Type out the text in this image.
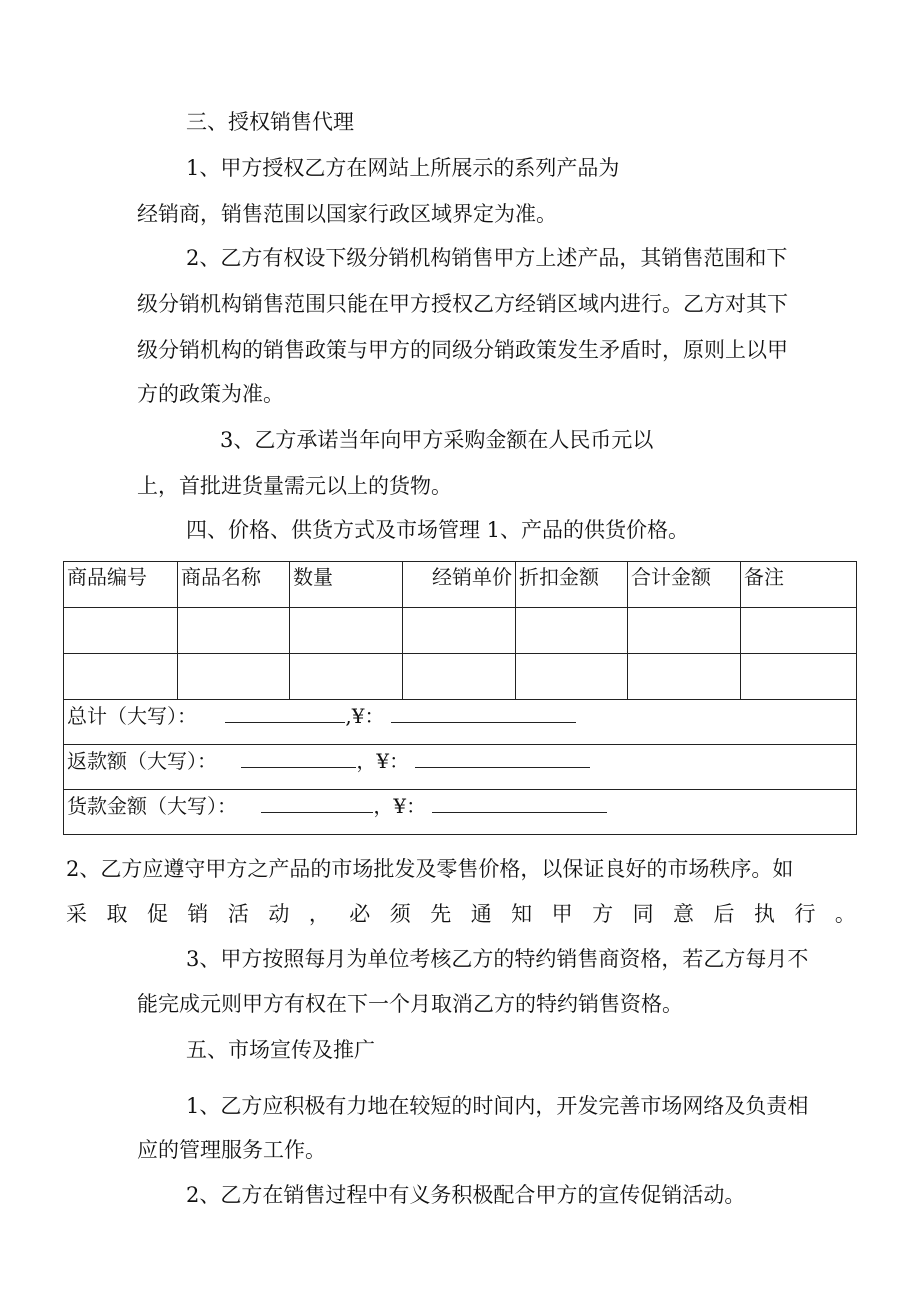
三、授权销售代理
1、甲方授权乙方在网站上所展示的系列产品为
经销商，销售范围以国家行政区域界定为准。
2、乙方有权设下级分销机构销售甲方上述产品，其销售范围和下
级分销机构销售范围只能在甲方授权乙方经销区域内进行。乙方对其下
级分销机构的销售政策与甲方的同级分销政策发生矛盾时，原则上以甲
方的政策为准。
3、乙方承诺当年向甲方采购金额在人民币元以
上，首批进货量需元以上的货物。
四、价格、供货方式及市场管理 1、产品的供货价格。
商品编号	商品名称	数量	经销单价	折扣金额	合计金额	备注

总计（大写）： ,¥：						
返款额（大写）： ，¥：						
货款金额（大写）： ，¥：						
2、乙方应遵守甲方之产品的市场批发及零售价格，以保证良好的市场秩序。如
采 取 促 销 活 动 ， 必 须 先 通 知 甲 方 同 意 后 执 行 。
3、甲方按照每月为单位考核乙方的特约销售商资格，若乙方每月不
能完成元则甲方有权在下一个月取消乙方的特约销售资格。
五、市场宣传及推广
1、乙方应积极有力地在较短的时间内，开发完善市场网络及负责相
应的管理服务工作。
2、乙方在销售过程中有义务积极配合甲方的宣传促销活动。
